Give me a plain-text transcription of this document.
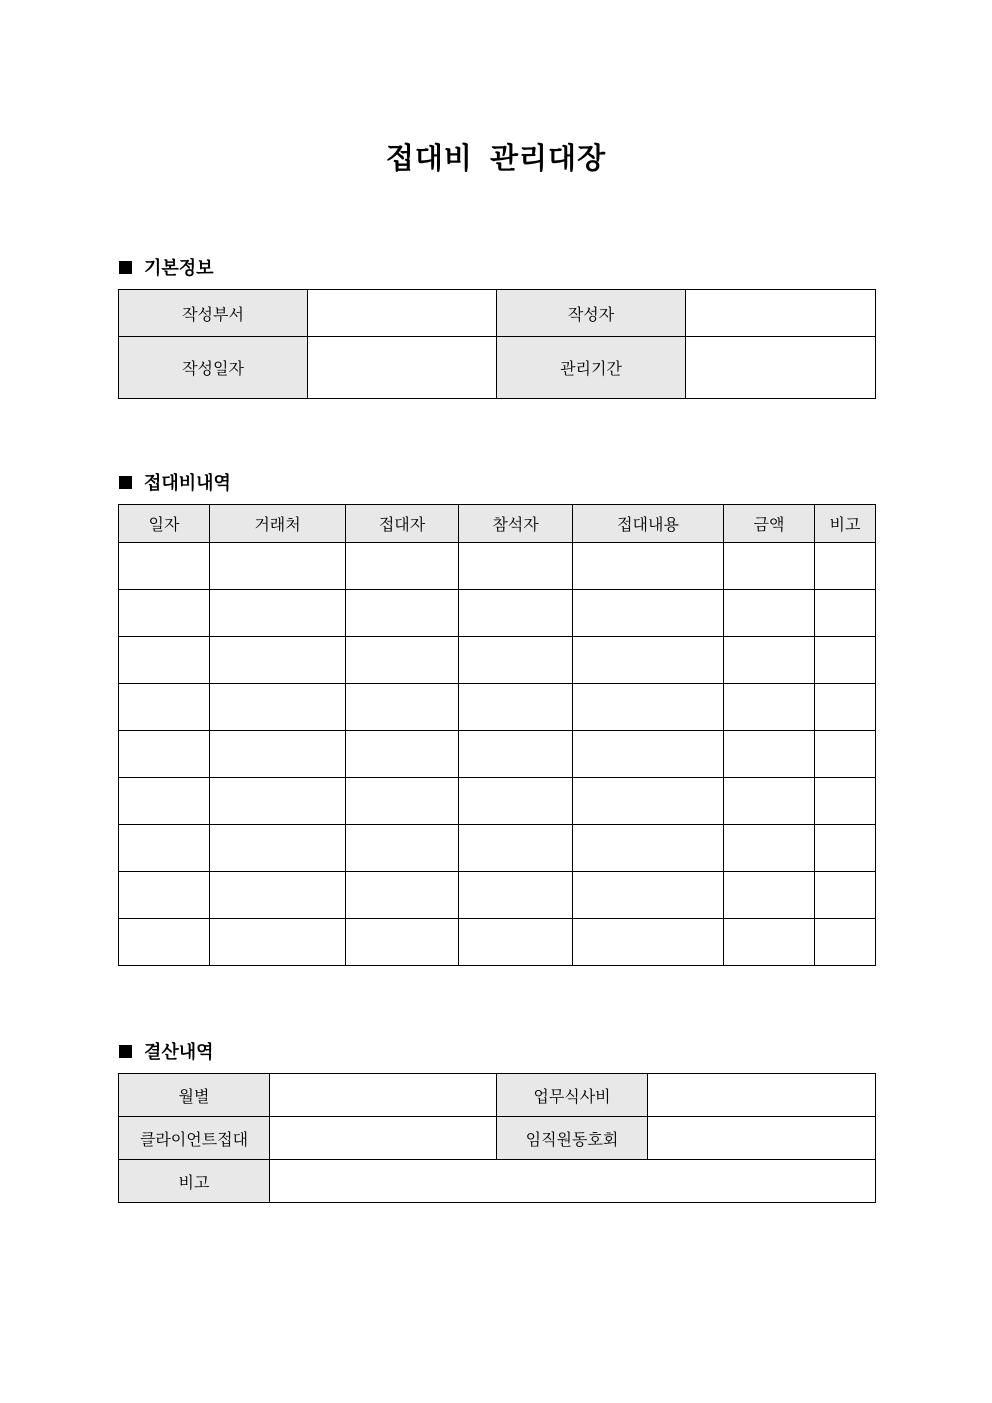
접대비 관리대장
기본정보
작성부서		작성자	
작성일자		관리기간	
접대비내역
일자	거래처	접대자	참석자	접대내용	금액	비고

결산내역
월별		업무식사비	
클라이언트접대		임직원동호회	
비고			
